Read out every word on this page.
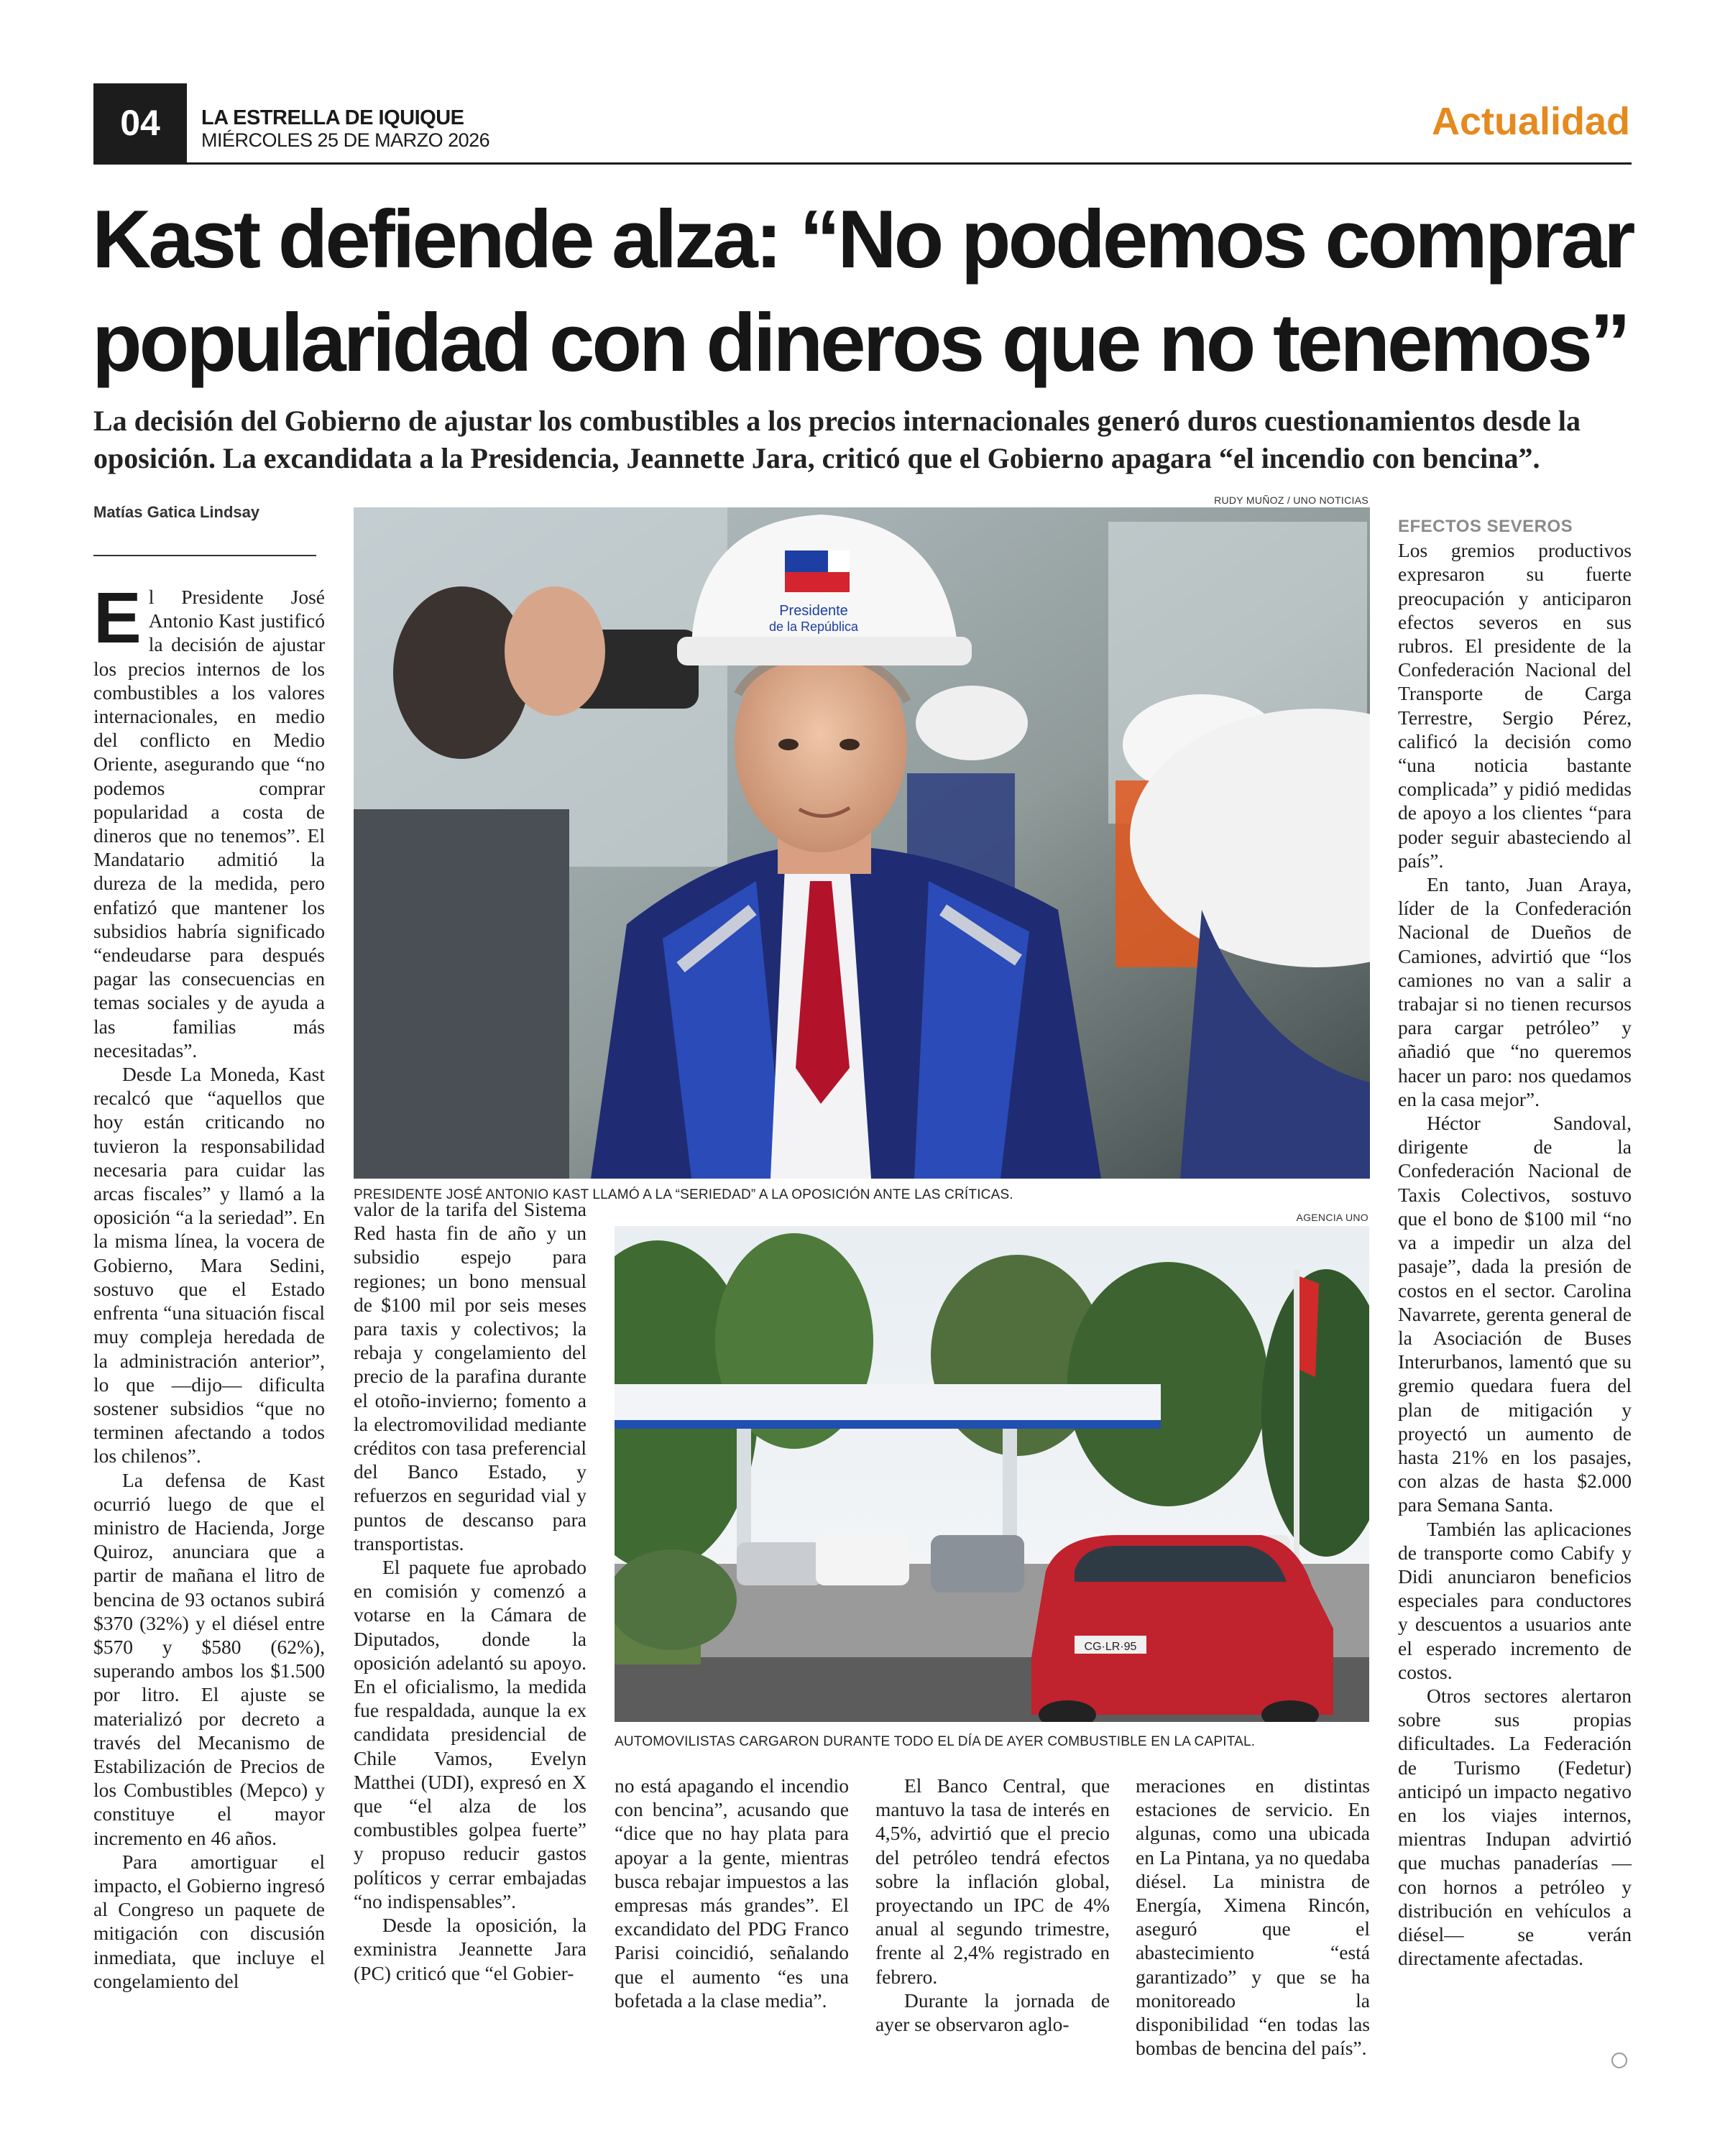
04	LA ESTRELLA DE IQUIQUE
MIÉRCOLES 25 DE MARZO 2026	Actualidad
Kast defiende alza: “No podemos comprar popularidad con dineros que no tenemos”
La decisión del Gobierno de ajustar los combustibles a los precios internacionales generó duros cuestionamientos desde la oposición. La excandidata a la Presidencia, Jeannette Jara, criticó que el Gobierno apagara “el incendio con bencina”.
Matías Gatica Lindsay
RUDY MUÑOZ / UNO NOTICIAS
Presidente
de la República
PRESIDENTE JOSÉ ANTONIO KAST LLAMÓ A LA “SERIEDAD” A LA OPOSICIÓN ANTE LAS CRÍTICAS.
AGENCIA UNO
CG·LR·95
AUTOMOVILISTAS CARGARON DURANTE TODO EL DÍA DE AYER COMBUSTIBLE EN LA CAPITAL.
E l Presidente José Antonio Kast justificó la decisión de ajustar los precios internos de los combustibles a los valores internacionales, en medio del conflicto en Medio Oriente, asegurando que “no podemos comprar popularidad a costa de dineros que no tenemos”. El Mandatario admitió la dureza de la medida, pero enfatizó que mantener los subsidios habría significado “endeudarse para después pagar las consecuencias en temas sociales y de ayuda a las familias más necesitadas”.

Desde La Moneda, Kast recalcó que “aquellos que hoy están criticando no tuvieron la responsabilidad necesaria para cuidar las arcas fiscales” y llamó a la oposición “a la seriedad”. En la misma línea, la vocera de Gobierno, Mara Sedini, sostuvo que el Estado enfrenta “una situación fiscal muy compleja heredada de la administración anterior”, lo que —dijo— dificulta sostener subsidios “que no terminen afectando a todos los chilenos”.

La defensa de Kast ocurrió luego de que el ministro de Hacienda, Jorge Quiroz, anunciara que a partir de mañana el litro de bencina de 93 octanos subirá $370 (32%) y el diésel entre $570 y $580 (62%), superando ambos los $1.500 por litro. El ajuste se materializó por decreto a través del Mecanismo de Estabilización de Precios de los Combustibles (Mepco) y constituye el mayor incremento en 46 años.

Para amortiguar el impacto, el Gobierno ingresó al Congreso un paquete de mitigación con discusión inmediata, que incluye el congelamiento del

valor de la tarifa del Sistema Red hasta fin de año y un subsidio espejo para regiones; un bono mensual de $100 mil por seis meses para taxis y colectivos; la rebaja y congelamiento del precio de la parafina durante el otoño-invierno; fomento a la electromovilidad mediante créditos con tasa preferencial del Banco Estado, y refuerzos en seguridad vial y puntos de descanso para transportistas.

El paquete fue aprobado en comisión y comenzó a votarse en la Cámara de Diputados, donde la oposición adelantó su apoyo. En el oficialismo, la medida fue respaldada, aunque la ex candidata presidencial de Chile Vamos, Evelyn Matthei (UDI), expresó en X que “el alza de los combustibles golpea fuerte” y propuso reducir gastos políticos y cerrar embajadas “no indispensables”.

Desde la oposición, la exministra Jeannette Jara (PC) criticó que “el Gobier-

no está apagando el incendio con bencina”, acusando que “dice que no hay plata para apoyar a la gente, mientras busca rebajar impuestos a las empresas más grandes”. El excandidato del PDG Franco Parisi coincidió, señalando que el aumento “es una bofetada a la clase media”.

El Banco Central, que mantuvo la tasa de interés en 4,5%, advirtió que el precio del petróleo tendrá efectos sobre la inflación global, proyectando un IPC de 4% anual al segundo trimestre, frente al 2,4% registrado en febrero.

Durante la jornada de ayer se observaron aglo-

meraciones en distintas estaciones de servicio. En algunas, como una ubicada en La Pintana, ya no quedaba diésel. La ministra de Energía, Ximena Rincón, aseguró que el abastecimiento “está garantizado” y que se ha monitoreado la disponibilidad “en todas las bombas de bencina del país”.

EFECTOS SEVEROS

Los gremios productivos expresaron su fuerte preocupación y anticiparon efectos severos en sus rubros. El presidente de la Confederación Nacional del Transporte de Carga Terrestre, Sergio Pérez, calificó la decisión como “una noticia bastante complicada” y pidió medidas de apoyo a los clientes “para poder seguir abasteciendo al país”.

En tanto, Juan Araya, líder de la Confederación Nacional de Dueños de Camiones, advirtió que “los camiones no van a salir a trabajar si no tienen recursos para cargar petróleo” y añadió que “no queremos hacer un paro: nos quedamos en la casa mejor”.

Héctor Sandoval, dirigente de la Confederación Nacional de Taxis Colectivos, sostuvo que el bono de $100 mil “no va a impedir un alza del pasaje”, dada la presión de costos en el sector. Carolina Navarrete, gerenta general de la Asociación de Buses Interurbanos, lamentó que su gremio quedara fuera del plan de mitigación y proyectó un aumento de hasta 21% en los pasajes, con alzas de hasta $2.000 para Semana Santa.

También las aplicaciones de transporte como Cabify y Didi anunciaron beneficios especiales para conductores y descuentos a usuarios ante el esperado incremento de costos.

Otros sectores alertaron sobre sus propias dificultades. La Federación de Turismo (Fedetur) anticipó un impacto negativo en los viajes internos, mientras Indupan advirtió que muchas panaderías —con hornos a petróleo y distribución en vehículos a diésel— se verán directamente afectadas.
